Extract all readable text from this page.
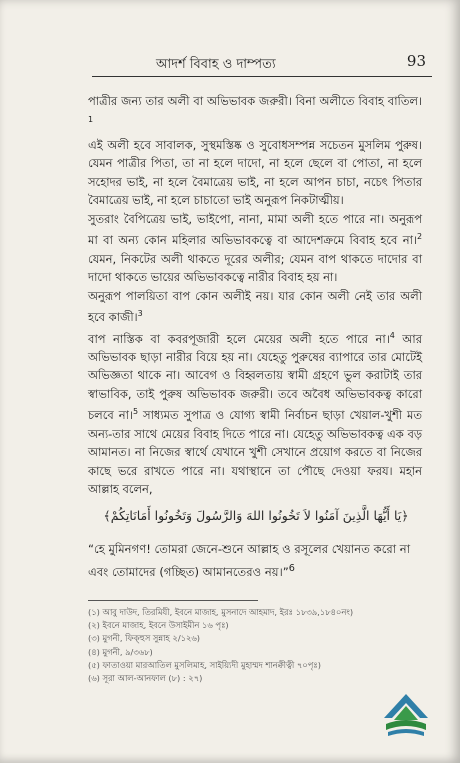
আদর্শ বিবাহ ও দাম্পত্য	93

পাত্রীর জন্য তার অলী বা অভিভাবক জরুরী। বিনা অলীতে বিবাহ বাতিল।$^1$

এই অলী হবে সাবালক, সুস্থমস্তিষ্ক ও সুবোধসম্পন্ন সচেতন মুসলিম পুরুষ। যেমন পাত্রীর পিতা, তা না হলে দাদো, না হলে ছেলে বা পোতা, না হলে সহোদর ভাই, না হলে বৈমাত্রেয় ভাই, না হলে আপন চাচা, নচেৎ পিতার বৈমাত্রেয় ভাই, না হলে চাচাতো ভাই অনুরূপ নিকটাত্মীয়।

সুতরাং বৈপিত্রেয় ভাই, ভাইপো, নানা, মামা অলী হতে পারে না। অনুরূপ মা বা অন্য কোন মহিলার অভিভাবকত্বে বা আদেশক্রমে বিবাহ হবে না।$^2$ যেমন, নিকটের অলী থাকতে দূরের অলীর; যেমন বাপ থাকতে দাদোর বা দাদো থাকতে ভায়ের অভিভাবকত্বে নারীর বিবাহ হয় না।

অনুরূপ পালয়িতা বাপ কোন অলীই নয়। যার কোন অলী নেই তার অলী হবে কাজী।$^3$

বাপ নাস্তিক বা কবরপূজারী হলে মেয়ের অলী হতে পারে না।$^4$ আর অভিভাবক ছাড়া নারীর বিয়ে হয় না। যেহেতু পুরুষের ব্যাপারে তার মোটেই অভিজ্ঞতা থাকে না। আবেগ ও বিহ্বলতায় স্বামী গ্রহণে ভুল করাটাই তার স্বাভাবিক, তাই পুরুষ অভিভাবক জরুরী। তবে অবৈধ অভিভাবকত্ব কারো চলবে না।$^5$ সাধ্যমত সুপাত্র ও যোগ্য স্বামী নির্বাচন ছাড়া খেয়াল-খুশী মত অন্য-তার সাথে মেয়ের বিবাহ দিতে পারে না। যেহেতু অভিভাবকত্ব এক বড় আমানত। না নিজের স্বার্থে যেখানে খুশী সেখানে প্রয়োগ করতে বা নিজের কাছে ভরে রাখতে পারে না। যথাস্থানে তা পৌছে দেওয়া ফরয। মহান আল্লাহ বলেন,

﴿يَا أَيُّهَا الَّذِينَ آمَنُوا لاَ تَخُونُوا اللهَ وَالرَّسُولَ وَتَخُونُوا أَمَانَاتِكُمْ﴾
“হে মুমিনগণ! তোমরা জেনে-শুনে আল্লাহ ও রসূলের খেয়ানত করো না এবং তোমাদের (গচ্ছিত) আমানতেরও নয়।”$^6$
(১) আবু দাউদ, তিরমিযী, ইবনে মাজাহ, মুসনাদে আহমাদ, ইরঃ ১৮৩৯,১৮৪০নং)
(২) ইবনে মাজাহ, ইবনে উসাইমীন ১৬ পৃঃ)
(৩) মুগনী, ফিক্হুস সুন্নাহ ২/১২৬)
(৪) মুগনী, ৯/৩৬৮)
(৫) ফাতাওয়া মারআতিল মুসলিমাহ, সাইয়্যিদী মুহাম্মদ শানক্বীত্বী ৭০পৃঃ)
(৬) সূরা আল-আনফাল (৮) : ২৭)
